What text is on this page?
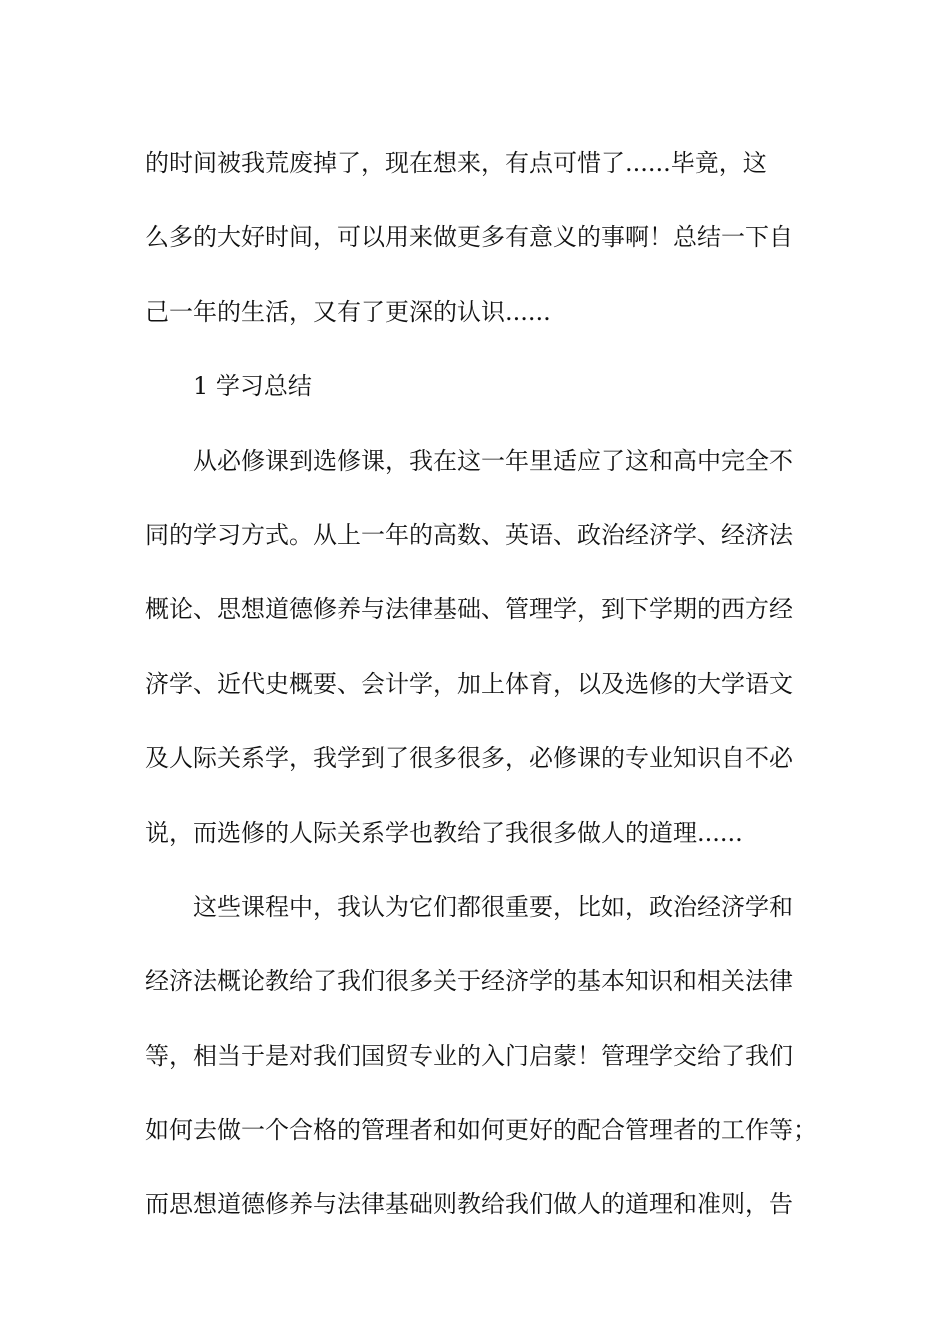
的时间被我荒废掉了，现在想来，有点可惜了......毕竟，这
么多的大好时间，可以用来做更多有意义的事啊！总结一下自
己一年的生活，又有了更深的认识......
　　1 学习总结
　　从必修课到选修课，我在这一年里适应了这和高中完全不
同的学习方式。从上一年的高数、英语、政治经济学、经济法
概论、思想道德修养与法律基础、管理学，到下学期的西方经
济学、近代史概要、会计学，加上体育，以及选修的大学语文
及人际关系学，我学到了很多很多，必修课的专业知识自不必
说，而选修的人际关系学也教给了我很多做人的道理......
　　这些课程中，我认为它们都很重要，比如，政治经济学和
经济法概论教给了我们很多关于经济学的基本知识和相关法律
等，相当于是对我们国贸专业的入门启蒙！管理学交给了我们
如何去做一个合格的管理者和如何更好的配合管理者的工作等；
而思想道德修养与法律基础则教给我们做人的道理和准则，告
